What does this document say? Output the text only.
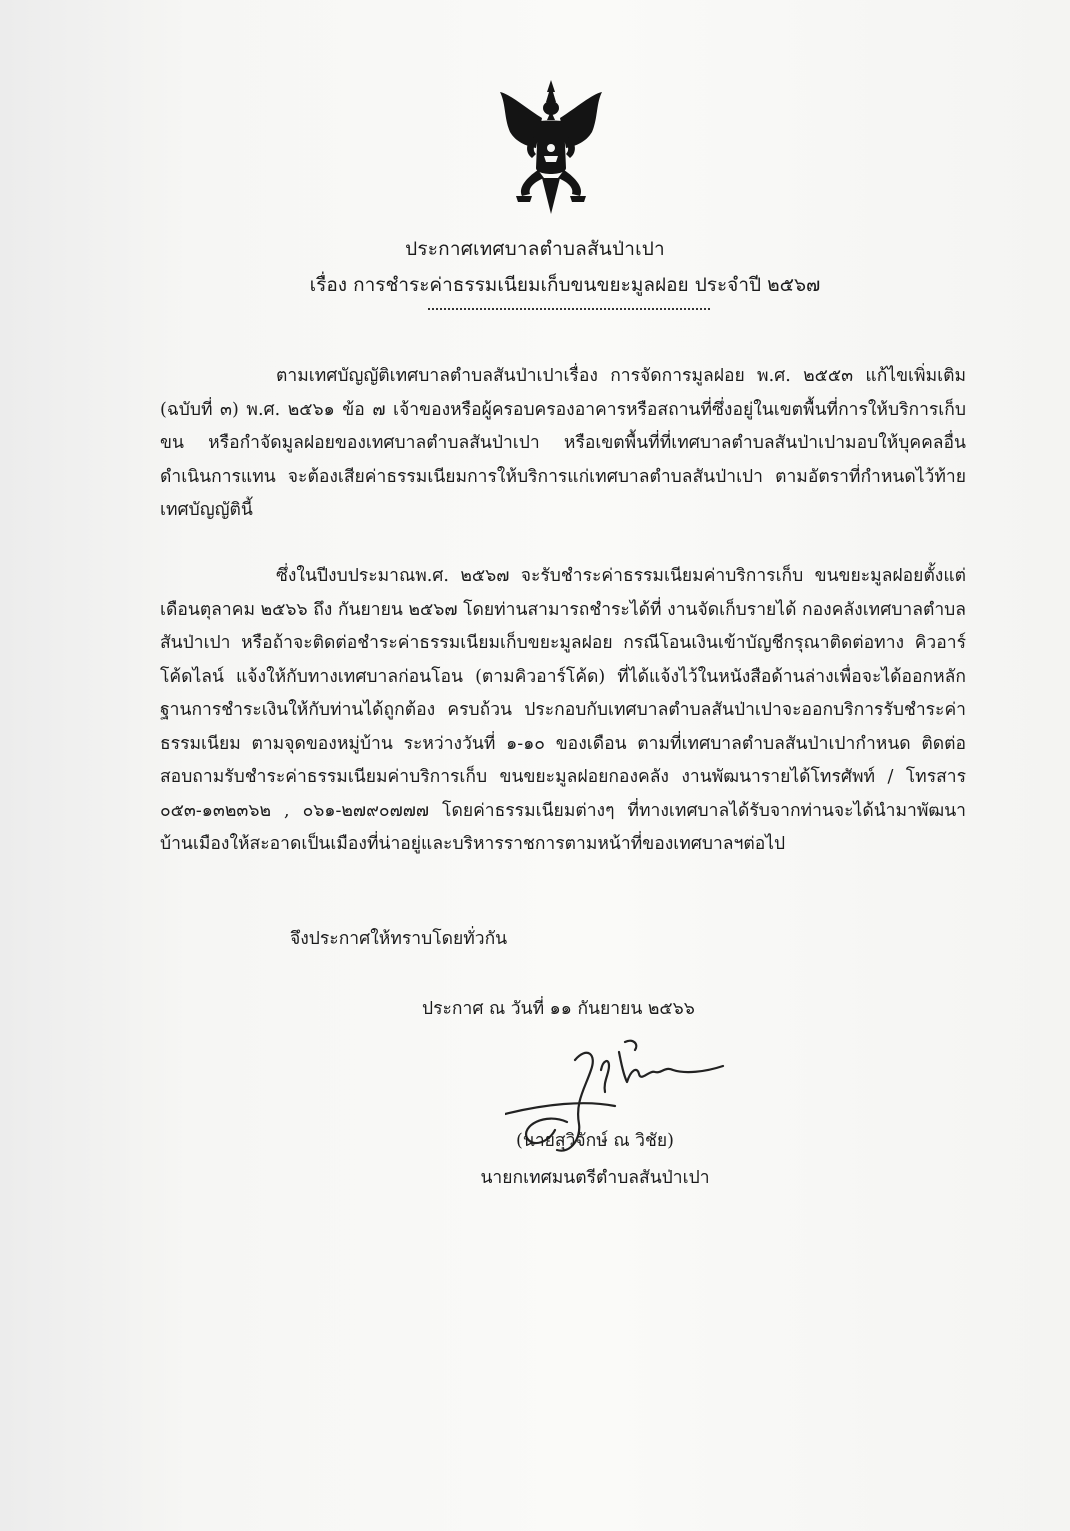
ประกาศเทศบาลตำบลสันป่าเปา
เรื่อง การชำระค่าธรรมเนียมเก็บขนขยะมูลฝอย ประจำปี ๒๕๖๗

ตามเทศบัญญัติเทศบาลตำบลสันป่าเปาเรื่อง การจัดการมูลฝอย พ.ศ. ๒๕๕๓ แก้ไขเพิ่มเติม (ฉบับที่ ๓) พ.ศ. ๒๕๖๑ ข้อ ๗ เจ้าของหรือผู้ครอบครองอาคารหรือสถานที่ซึ่งอยู่ในเขตพื้นที่การให้บริการเก็บขน หรือกำจัดมูลฝอยของเทศบาลตำบลสันป่าเปา หรือเขตพื้นที่ที่เทศบาลตำบลสันป่าเปามอบให้บุคคลอื่นดำเนินการแทน จะต้องเสียค่าธรรมเนียมการให้บริการแก่เทศบาลตำบลสันป่าเปา ตามอัตราที่กำหนดไว้ท้ายเทศบัญญัตินี้

ซึ่งในปีงบประมาณพ.ศ. ๒๕๖๗ จะรับชำระค่าธรรมเนียมค่าบริการเก็บ ขนขยะมูลฝอยตั้งแต่เดือนตุลาคม ๒๕๖๖ ถึง กันยายน ๒๕๖๗ โดยท่านสามารถชำระได้ที่ งานจัดเก็บรายได้ กองคลังเทศบาลตำบลสันป่าเปา หรือถ้าจะติดต่อชำระค่าธรรมเนียมเก็บขยะมูลฝอย กรณีโอนเงินเข้าบัญชีกรุณาติดต่อทาง คิวอาร์โค้ดไลน์ แจ้งให้กับทางเทศบาลก่อนโอน (ตามคิวอาร์โค้ด) ที่ได้แจ้งไว้ในหนังสือด้านล่างเพื่อจะได้ออกหลักฐานการชำระเงินให้กับท่านได้ถูกต้อง ครบถ้วน ประกอบกับเทศบาลตำบลสันป่าเปาจะออกบริการรับชำระค่าธรรมเนียม ตามจุดของหมู่บ้าน ระหว่างวันที่ ๑-๑๐ ของเดือน ตามที่เทศบาลตำบลสันป่าเปากำหนด ติดต่อสอบถามรับชำระค่าธรรมเนียมค่าบริการเก็บ ขนขยะมูลฝอยกองคลัง งานพัฒนารายได้โทรศัพท์ / โทรสาร ๐๕๓-๑๓๒๓๖๒ , ๐๖๑-๒๗๙๐๗๗๗ โดยค่าธรรมเนียมต่างๆ ที่ทางเทศบาลได้รับจากท่านจะได้นำมาพัฒนาบ้านเมืองให้สะอาดเป็นเมืองที่น่าอยู่และบริหารราชการตามหน้าที่ของเทศบาลฯต่อไป

จึงประกาศให้ทราบโดยทั่วกัน
ประกาศ ณ วันที่ ๑๑ กันยายน ๒๕๖๖
(นายสุวิจักษ์ ณ วิชัย)
นายกเทศมนตรีตำบลสันป่าเปา
